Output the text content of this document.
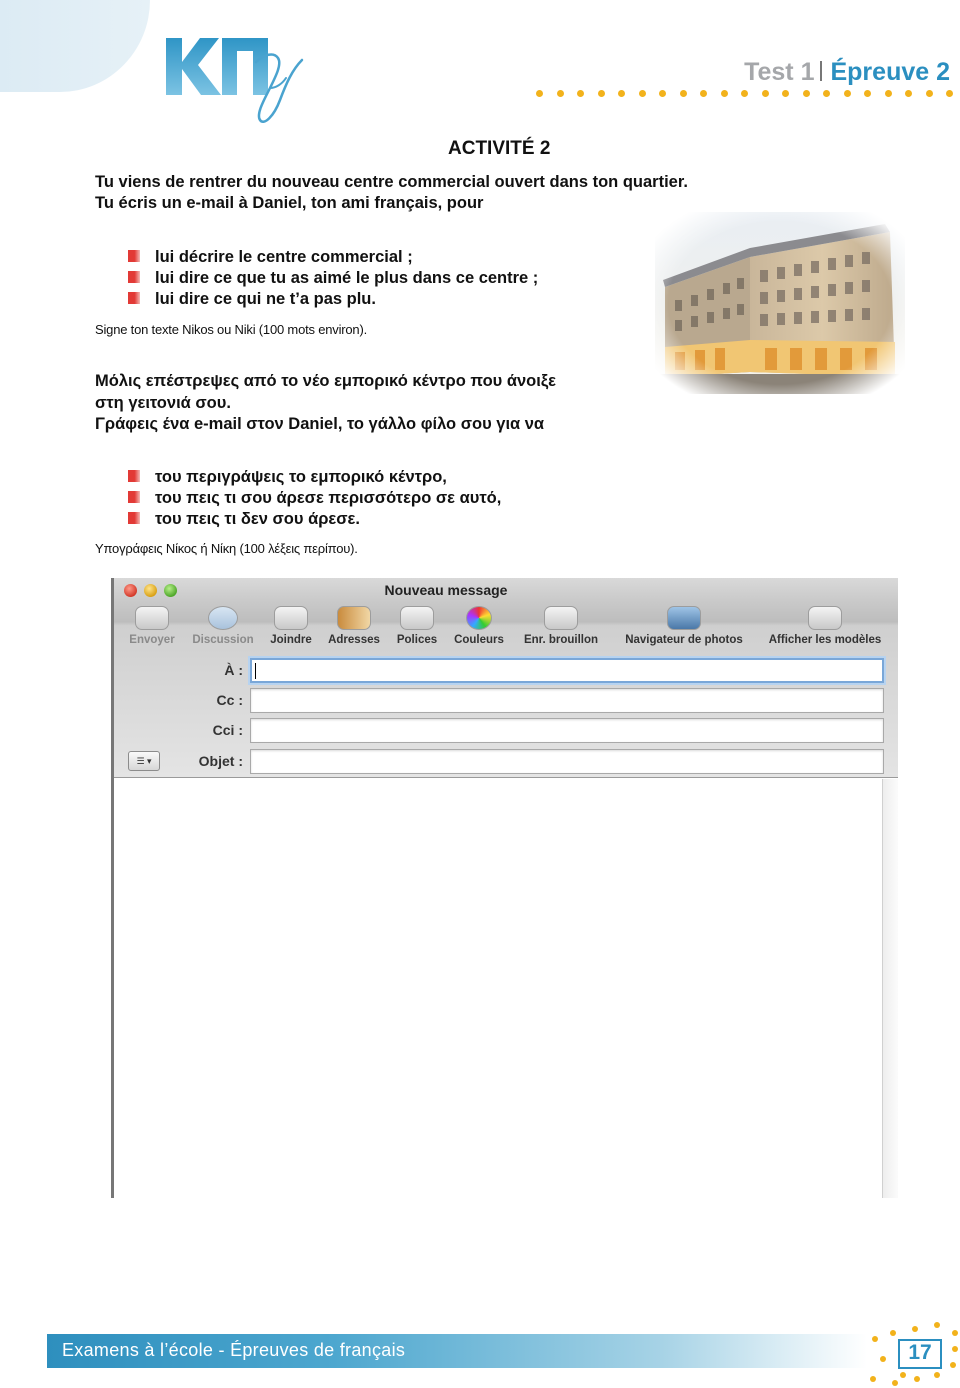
Test 1 Épreuve 2
ACTIVITÉ 2
Tu viens de rentrer du nouveau centre commercial ouvert dans ton quartier.
Tu écris un e-mail à Daniel, ton ami français, pour
lui décrire le centre commercial ;
lui dire ce que tu as aimé le plus dans ce centre ;
lui dire ce qui ne t’a pas plu.
Signe ton texte Nikos ou Niki (100 mots environ).
Μόλις επέστρεψες από το νέο εμπορικό κέντρο που άνοιξε
στη γειτονιά σου.
Γράφεις ένα e-mail στον Daniel, το γάλλο φίλο σου για να
του περιγράψεις το εμπορικό κέντρο,
του πεις τι σου άρεσε περισσότερο σε αυτό,
του πεις τι δεν σου άρεσε.
Υπογράφεις Νίκος ή Νίκη (100 λέξεις περίπου).
Nouveau message
Envoyer	Discussion	Joindre	Adresses	Polices	Couleurs	Enr. brouillon	Navigateur de photos	Afficher les modèles
À :
Cc :
Cci :
Objet :
☰ ▾
Examens à l’école - Épreuves de français	17
